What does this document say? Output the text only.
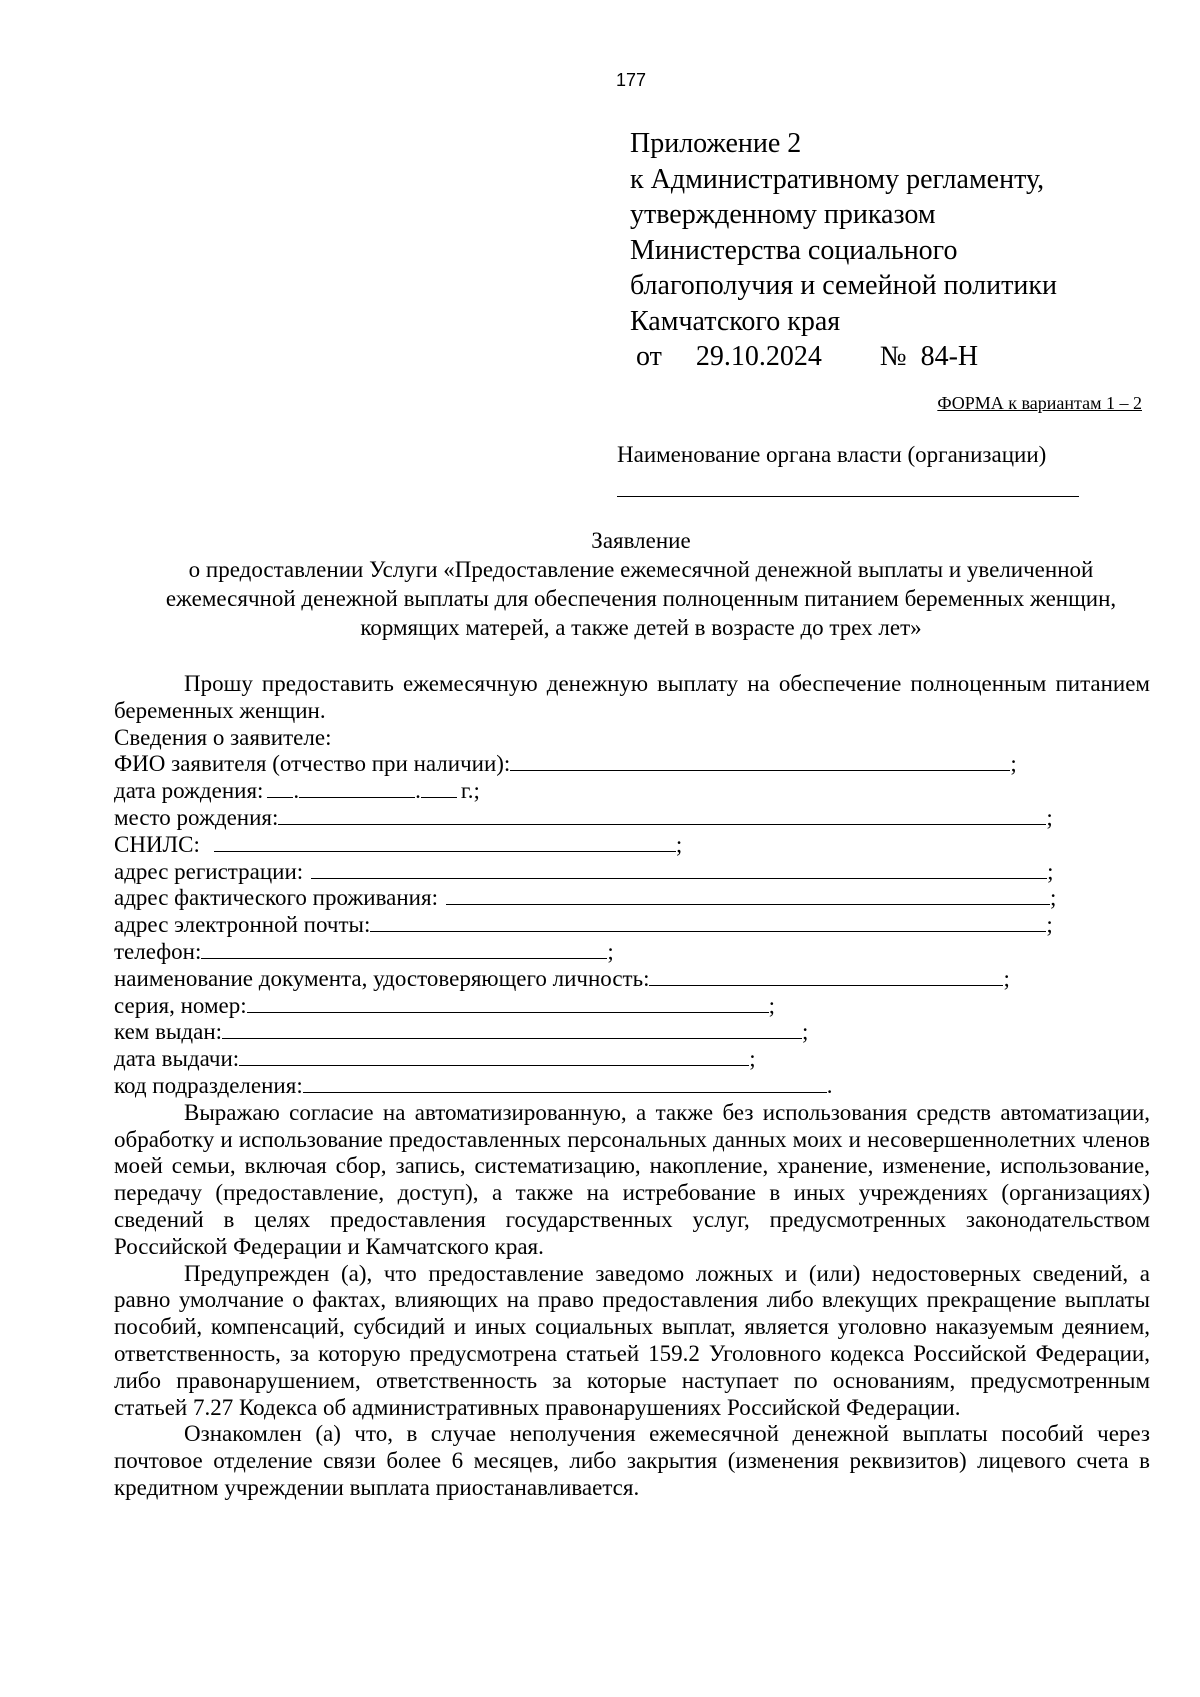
177
Приложение 2
к Административному регламенту,
утвержденному приказом
Министерства социального
благополучия и семейной политики
Камчатского края
от 29.10.2024 № 84-Н
ФОРМА к вариантам 1 – 2
Наименование органа власти (организации)
Заявление
о предоставлении Услуги «Предоставление ежемесячной денежной выплаты и увеличенной
ежемесячной денежной выплаты для обеспечения полноценным питанием беременных женщин,
кормящих матерей, а также детей в возрасте до трех лет»

Прошу предоставить ежемесячную денежную выплату на обеспечение полноценным питанием беременных женщин.

Сведения о заявителе:

ФИО заявителя (отчество при наличии):	;
дата рождения: .	. г.;
место рождения:	;
СНИЛС:	;
адрес регистрации:	;
адрес фактического проживания:	;
адрес электронной почты:	;
телефон:	;
наименование документа, удостоверяющего личность:	;
серия, номер:	;
кем выдан:	;
дата выдачи:	;
код подразделения:	.

Выражаю согласие на автоматизированную, а также без использования средств автоматизации, обработку и использование предоставленных персональных данных моих и несовершеннолетних членов моей семьи, включая сбор, запись, систематизацию, накопление, хранение, изменение, использование, передачу (предоставление, доступ), а также на истребование в иных учреждениях (организациях) сведений в целях предоставления государственных услуг, предусмотренных законодательством Российской Федерации и Камчатского края.

Предупрежден (а), что предоставление заведомо ложных и (или) недостоверных сведений, а равно умолчание о фактах, влияющих на право предоставления либо влекущих прекращение выплаты пособий, компенсаций, субсидий и иных социальных выплат, является уголовно наказуемым деянием, ответственность, за которую предусмотрена статьей 159.2 Уголовного кодекса Российской Федерации, либо правонарушением, ответственность за которые наступает по основаниям, предусмотренным статьей 7.27 Кодекса об административных правонарушениях Российской Федерации.

Ознакомлен (а) что, в случае неполучения ежемесячной денежной выплаты пособий через почтовое отделение связи более 6 месяцев, либо закрытия (изменения реквизитов) лицевого счета в кредитном учреждении выплата приостанавливается.
